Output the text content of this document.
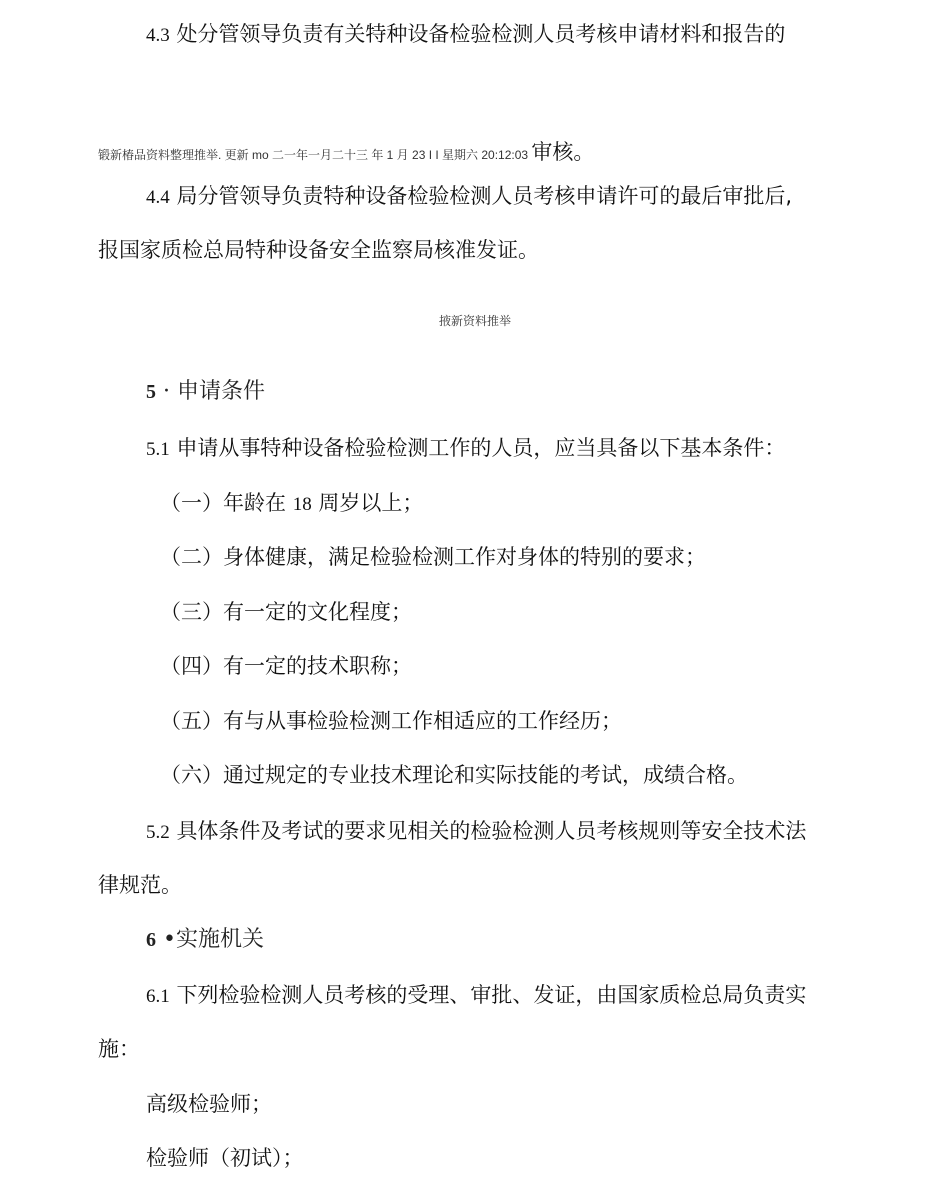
4.3 处分管领导负责有关特种设备检验检测人员考核申请材料和报告的
锻新椿品资料整理推举. 更新 mo 二一年一月二十三 年 1 月 23 I I 星期六 20:12:03 审核。
4.4 局分管领导负责特种设备检验检测人员考核申请许可的最后审批后,
报国家质检总局特种设备安全监察局核准发证。
掖新资料推举
5 · 申请条件
5.1 申请从事特种设备检验检测工作的人员，应当具备以下基本条件：
（一）年龄在 18 周岁以上；
（二）身体健康，满足检验检测工作对身体的特别的要求；
（三）有一定的文化程度；
（四）有一定的技术职称；
（五）有与从事检验检测工作相适应的工作经历；
（六）通过规定的专业技术理论和实际技能的考试，成绩合格。
5.2 具体条件及考试的要求见相关的检验检测人员考核规则等安全技术法
律规范。
6 •实施机关
6.1 下列检验检测人员考核的受理、审批、发证，由国家质检总局负责实
施：
高级检验师；
检验师（初试）；
